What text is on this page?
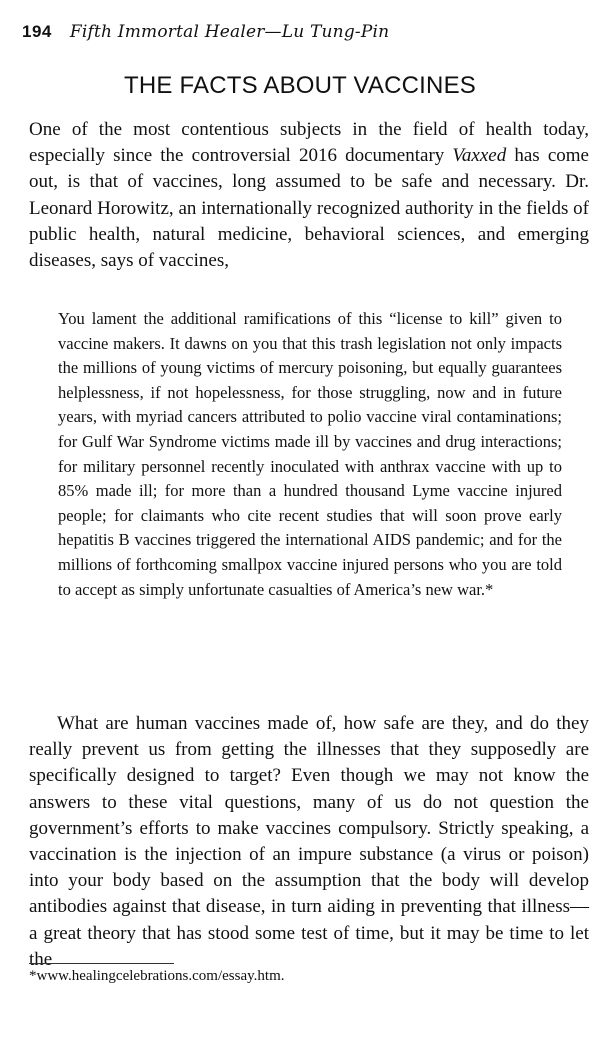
194 Fifth Immortal Healer—Lu Tung-Pin
THE FACTS ABOUT VACCINES

One of the most contentious subjects in the field of health today, especially since the controversial 2016 documentary Vaxxed has come out, is that of vaccines, long assumed to be safe and necessary. Dr. Leonard Horowitz, an internationally recognized authority in the fields of public health, natural medicine, behavioral sciences, and emerging diseases, says of vaccines,

You lament the additional ramifications of this “license to kill” given to vaccine makers. It dawns on you that this trash legislation not only impacts the millions of young victims of mercury poisoning, but equally guarantees helplessness, if not hopelessness, for those struggling, now and in future years, with myriad cancers attributed to polio vaccine viral contaminations; for Gulf War Syndrome victims made ill by vaccines and drug interactions; for military personnel recently inoculated with anthrax vaccine with up to 85% made ill; for more than a hundred thousand Lyme vaccine injured people; for claimants who cite recent studies that will soon prove early hepatitis B vaccines triggered the international AIDS pandemic; and for the millions of forthcoming smallpox vaccine injured persons who you are told to accept as simply unfortunate casualties of America’s new war.*

What are human vaccines made of, how safe are they, and do they really prevent us from getting the illnesses that they supposedly are specifically designed to target? Even though we may not know the answers to these vital questions, many of us do not question the government’s efforts to make vaccines compulsory. Strictly speaking, a vaccination is the injection of an impure substance (a virus or poison) into your body based on the assumption that the body will develop antibodies against that disease, in turn aiding in preventing that illness—a great theory that has stood some test of time, but it may be time to let the

*www.healingcelebrations.com/essay.htm.
